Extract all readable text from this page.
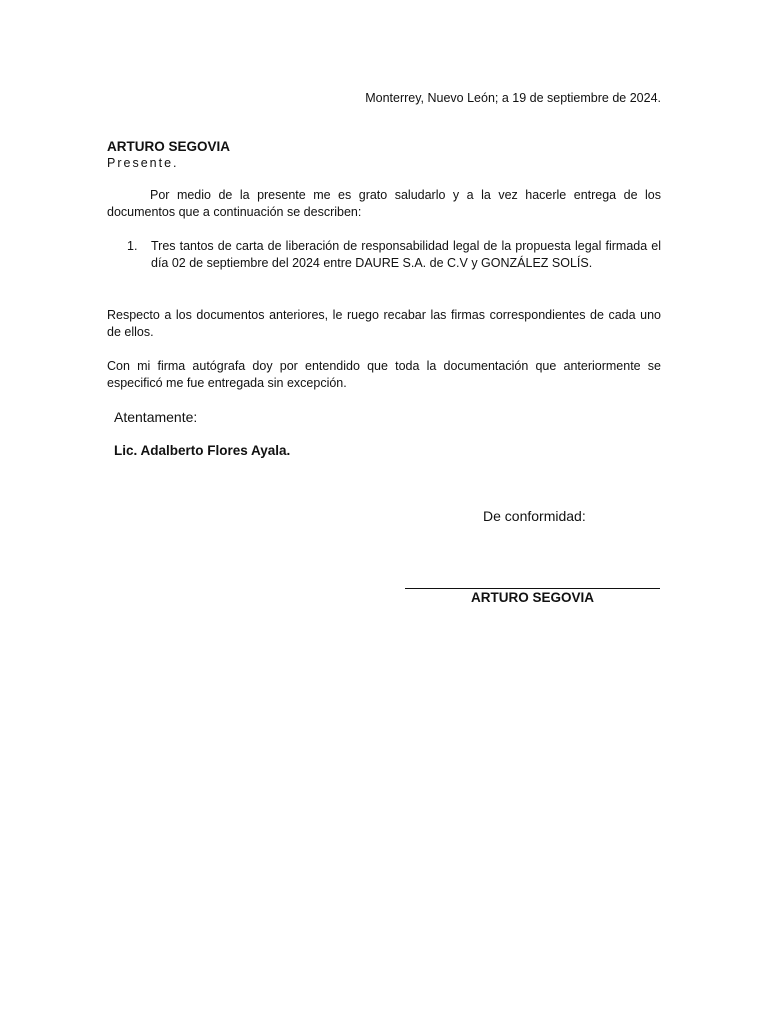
Monterrey, Nuevo León; a 19 de septiembre de 2024.
ARTURO SEGOVIA
Presente.
Por medio de la presente me es grato saludarlo y a la vez hacerle entrega de los documentos que a continuación se describen:
1. Tres tantos de carta de liberación de responsabilidad legal de la propuesta legal firmada el día 02 de septiembre del 2024 entre DAURE S.A. de C.V y GONZÁLEZ SOLÍS.
Respecto a los documentos anteriores, le ruego recabar las firmas correspondientes de cada uno de ellos.
Con mi firma autógrafa doy por entendido que toda la documentación que anteriormente se especificó me fue entregada sin excepción.
Atentamente:
Lic. Adalberto Flores Ayala.
De conformidad:
ARTURO SEGOVIA
